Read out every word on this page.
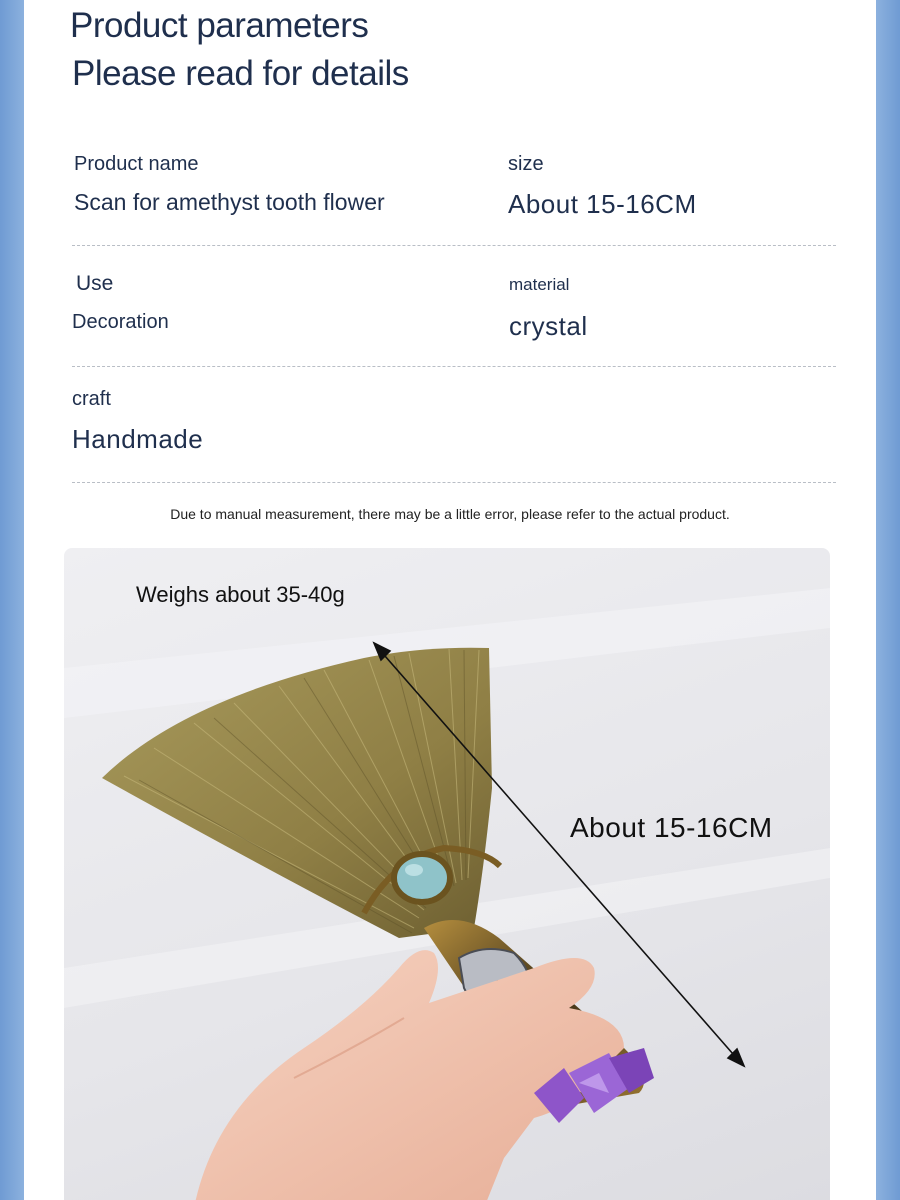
Product parameters
Please read for details
Product name
Scan for amethyst tooth flower
size
About 15-16CM
Use
Decoration
material
crystal
craft
Handmade
Due to manual measurement, there may be a little error, please refer to the actual product.
Weighs about 35-40g
About 15-16CM
